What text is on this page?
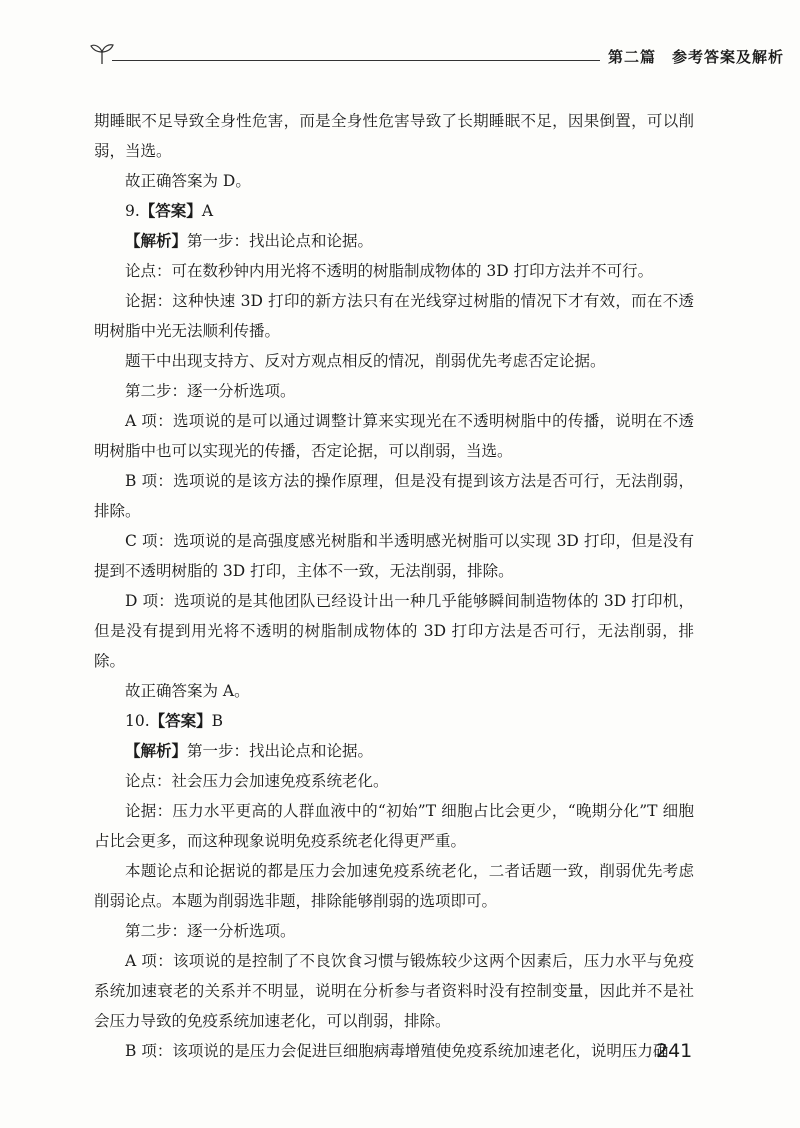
第二篇　参考答案及解析

期睡眠不足导致全身性危害，而是全身性危害导致了长期睡眠不足，因果倒置，可以削弱，当选。

故正确答案为 D。

9.【答案】A

【解析】第一步：找出论点和论据。

论点：可在数秒钟内用光将不透明的树脂制成物体的 3D 打印方法并不可行。

论据：这种快速 3D 打印的新方法只有在光线穿过树脂的情况下才有效，而在不透明树脂中光无法顺利传播。

题干中出现支持方、反对方观点相反的情况，削弱优先考虑否定论据。

第二步：逐一分析选项。

A 项：选项说的是可以通过调整计算来实现光在不透明树脂中的传播，说明在不透明树脂中也可以实现光的传播，否定论据，可以削弱，当选。

B 项：选项说的是该方法的操作原理，但是没有提到该方法是否可行，无法削弱，排除。

C 项：选项说的是高强度感光树脂和半透明感光树脂可以实现 3D 打印，但是没有提到不透明树脂的 3D 打印，主体不一致，无法削弱，排除。

D 项：选项说的是其他团队已经设计出一种几乎能够瞬间制造物体的 3D 打印机，但是没有提到用光将不透明的树脂制成物体的 3D 打印方法是否可行，无法削弱，排除。

故正确答案为 A。

10.【答案】B

【解析】第一步：找出论点和论据。

论点：社会压力会加速免疫系统老化。

论据：压力水平更高的人群血液中的“初始”T 细胞占比会更少，“晚期分化”T 细胞占比会更多，而这种现象说明免疫系统老化得更严重。

本题论点和论据说的都是压力会加速免疫系统老化，二者话题一致，削弱优先考虑削弱论点。本题为削弱选非题，排除能够削弱的选项即可。

第二步：逐一分析选项。

A 项：该项说的是控制了不良饮食习惯与锻炼较少这两个因素后，压力水平与免疫系统加速衰老的关系并不明显，说明在分析参与者资料时没有控制变量，因此并不是社会压力导致的免疫系统加速老化，可以削弱，排除。

B 项：该项说的是压力会促进巨细胞病毒增殖使免疫系统加速老化，说明压力确

241
